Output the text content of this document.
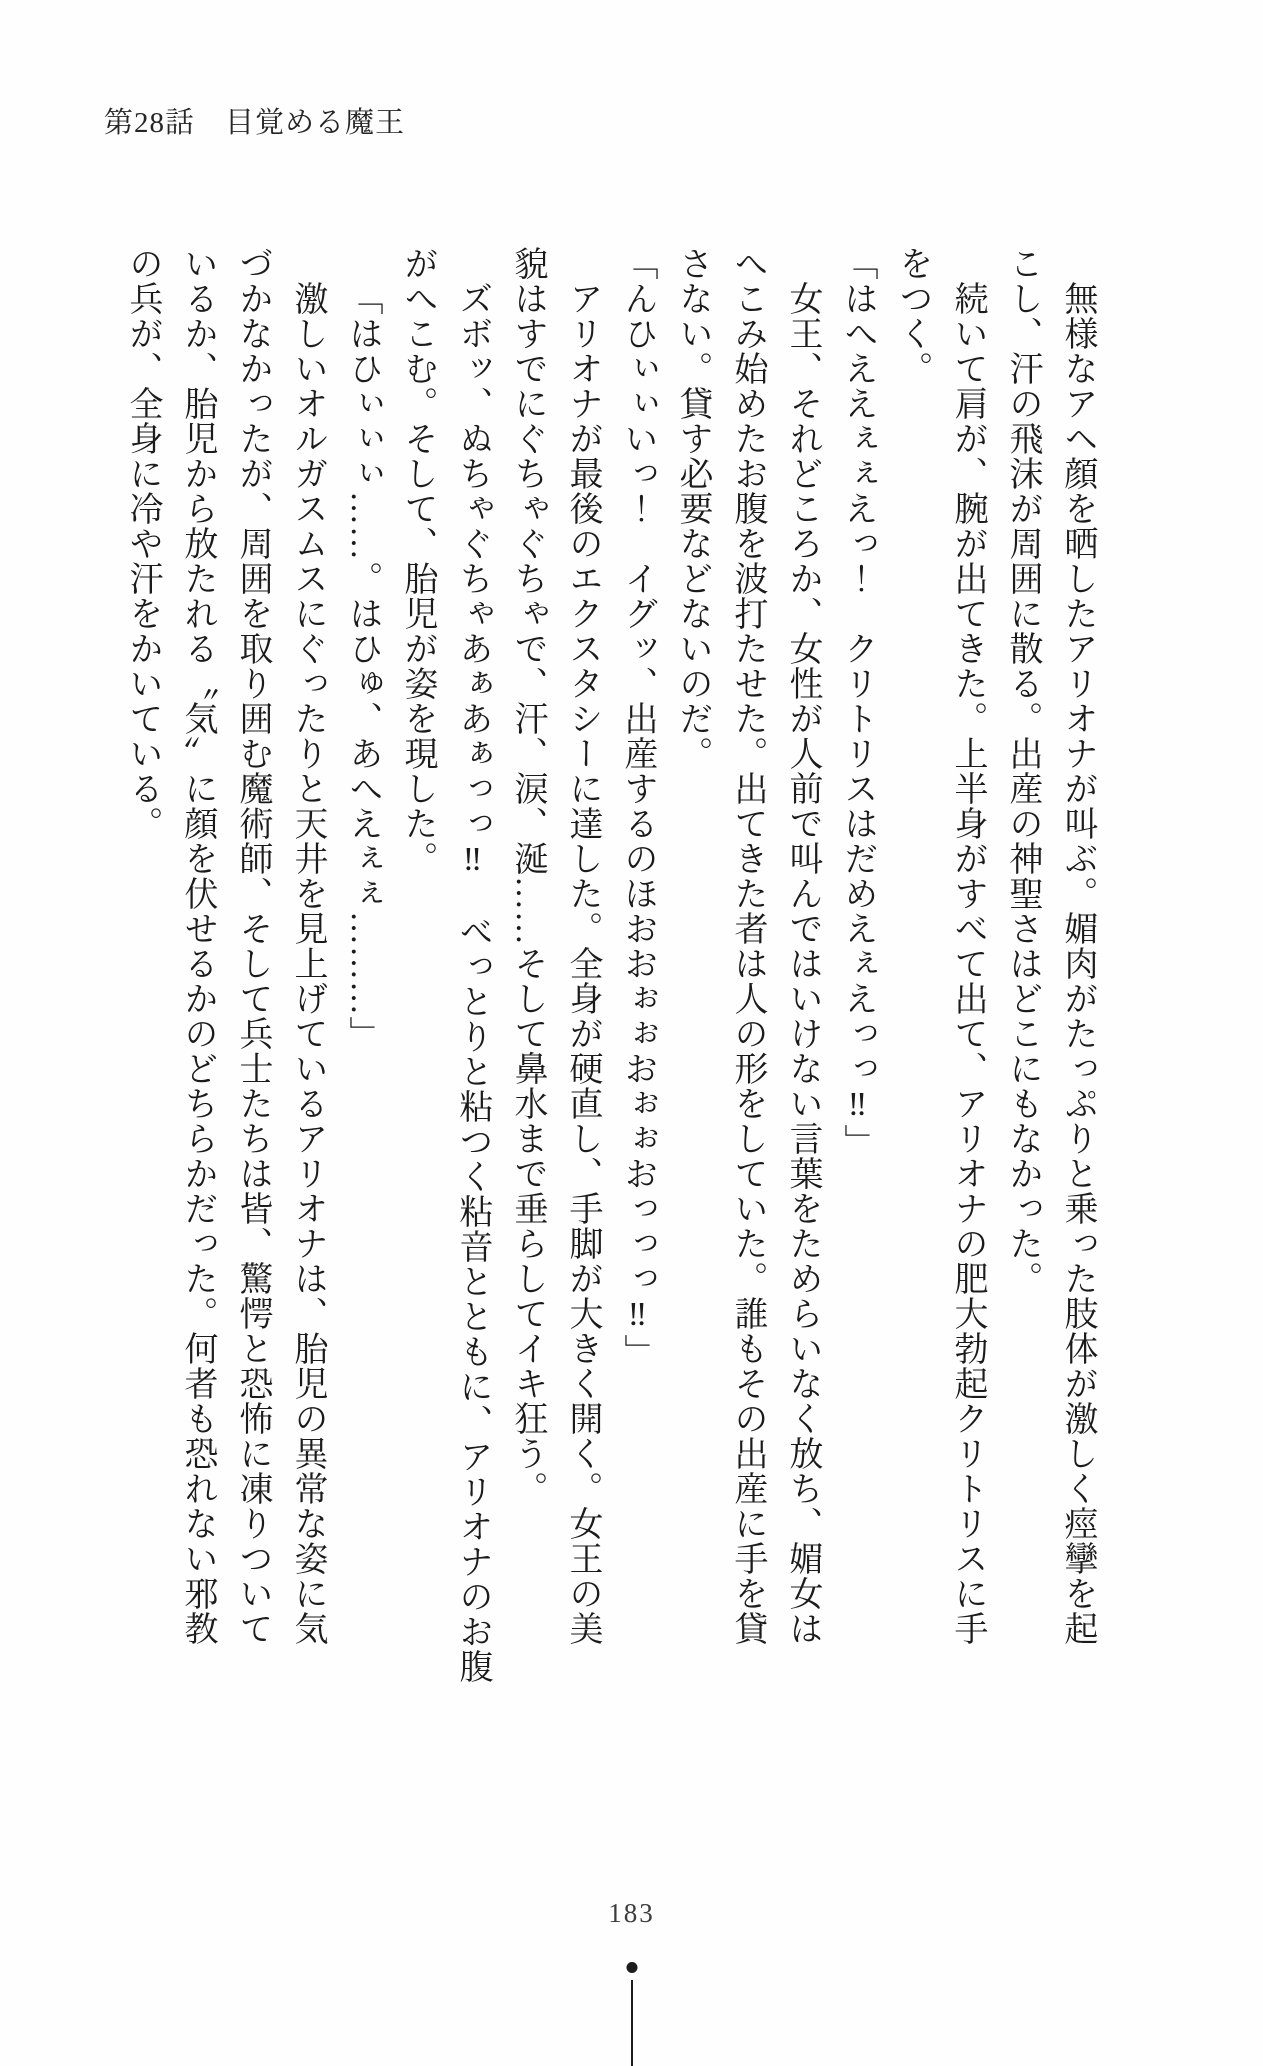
第28話　目覚める魔王

無様なアヘ顔を晒したアリオナが叫ぶ。媚肉がたっぷりと乗った肢体が激しく痙攣を起

こし、汗の飛沫が周囲に散る。出産の神聖さはどこにもなかった。

続いて肩が、腕が出てきた。上半身がすべて出て、アリオナの肥大勃起クリトリスに手

をつく。

「はへええぇぇえっ！　クリトリスはだめえぇえっっ‼」

女王、それどころか、女性が人前で叫んではいけない言葉をためらいなく放ち、媚女は

へこみ始めたお腹を波打たせた。出てきた者は人の形をしていた。誰もその出産に手を貸

さない。貸す必要などないのだ。

「んひぃぃいっ！　イグッ、出産するのほおおぉぉおぉぉおっっっ‼」

アリオナが最後のエクスタシーに達した。全身が硬直し、手脚が大きく開く。女王の美

貌はすでにぐちゃぐちゃで、汗、涙、涎……そして鼻水まで垂らしてイキ狂う。

ズボッ、ぬちゃぐちゃあぁあぁっっ‼　べっとりと粘つく粘音とともに、アリオナのお腹

がへこむ。そして、胎児が姿を現した。

「はひぃぃぃ……。はひゅ、あへえぇぇ………」

激しいオルガスムスにぐったりと天井を見上げているアリオナは、胎児の異常な姿に気

づかなかったが、周囲を取り囲む魔術師、そして兵士たちは皆、驚愕と恐怖に凍りついて

いるか、胎児から放たれる〝気〞に顔を伏せるかのどちらかだった。何者も恐れない邪教

の兵が、全身に冷や汗をかいている。

183
